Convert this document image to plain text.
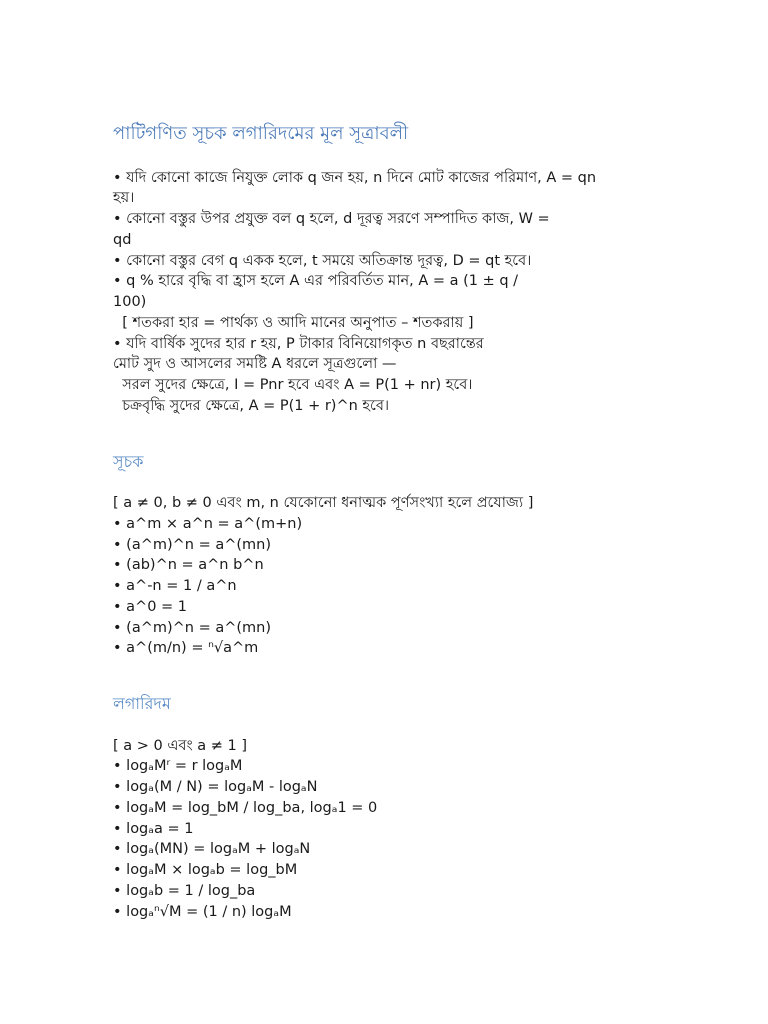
পাটিগণিত সূচক লগারিদমের মূল সূত্রাবলী

• যদি কোনো কাজে নিযুক্ত লোক q জন হয়, n দিনে মোট কাজের পরিমাণ, A = qn

হয়।

• কোনো বস্তুর উপর প্রযুক্ত বল q হলে, d দূরত্ব সরণে সম্পাদিত কাজ, W =

qd

• কোনো বস্তুর বেগ q একক হলে, t সময়ে অতিক্রান্ত দূরত্ব, D = qt হবে।

• q % হারে বৃদ্ধি বা হ্রাস হলে A এর পরিবর্তিত মান, A = a (1 ± q /

100)

[ শতকরা হার = পার্থক্য ও আদি মানের অনুপাত – শতকরায় ]

• যদি বার্ষিক সুদের হার r হয়, P টাকার বিনিয়োগকৃত n বছরান্তের

মোট সুদ ও আসলের সমষ্টি A ধরলে সূত্রগুলো —

সরল সুদের ক্ষেত্রে, I = Pnr হবে এবং A = P(1 + nr) হবে।

চক্রবৃদ্ধি সুদের ক্ষেত্রে, A = P(1 + r)^n হবে।

সূচক

[ a ≠ 0, b ≠ 0 এবং m, n যেকোনো ধনাত্মক পূর্ণসংখ্যা হলে প্রযোজ্য ]

• a^m × a^n = a^(m+n)

• (a^m)^n = a^(mn)

• (ab)^n = a^n b^n

• a^-n = 1 / a^n

• a^0 = 1

• (a^m)^n = a^(mn)

• a^(m/n) = ⁿ√a^m

লগারিদম

[ a > 0 এবং a ≠ 1 ]

• logₐMʳ = r logₐM

• logₐ(M / N) = logₐM - logₐN

• logₐM = log_bM / log_ba, logₐ1 = 0

• logₐa = 1

• logₐ(MN) = logₐM + logₐN

• logₐM × logₐb = log_bM

• logₐb = 1 / log_ba

• logₐⁿ√M = (1 / n) logₐM
